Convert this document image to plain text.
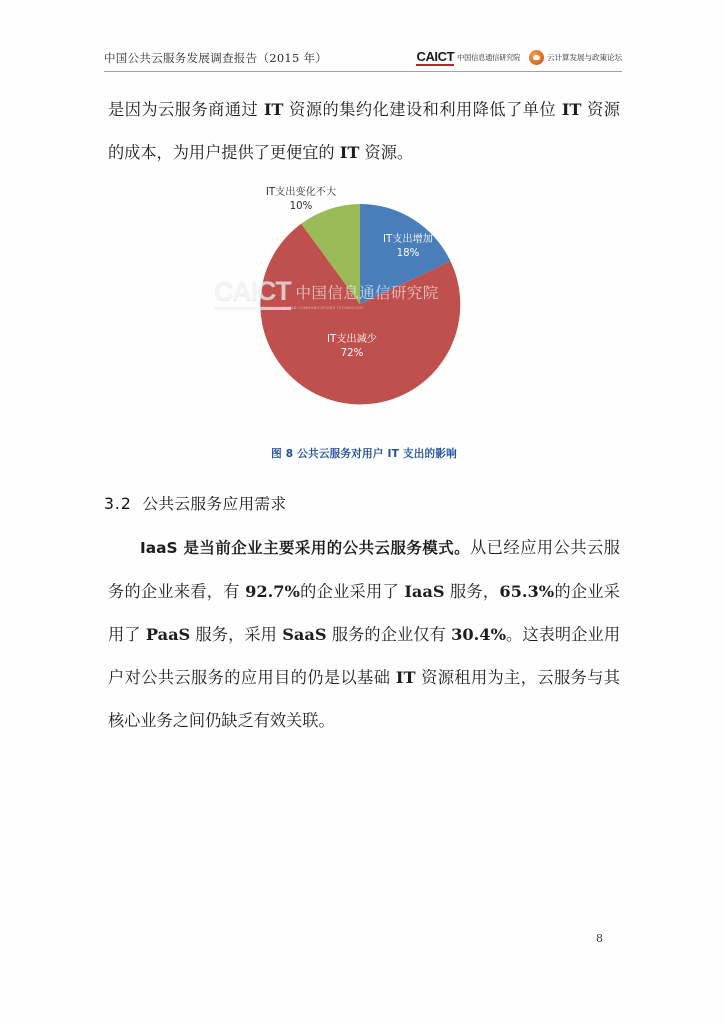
中国公共云服务发展调查报告（2015 年）	CAICT 中国信息通信研究院	云计算发展与政策论坛
是因为云服务商通过 IT 资源的集约化建设和利用降低了单位 IT 资源的成本，为用户提供了更便宜的 IT 资源。
IT支出变化不大
10%
IT支出增加
18%
IT支出减少
72%
CAICT 中国信息通信研究院
CHINA ACADEMY OF INFORMATION AND COMMUNICATIONS TECHNOLOGY
图 8 公共云服务对用户 IT 支出的影响
3.2 公共云服务应用需求
IaaS 是当前企业主要采用的公共云服务模式。从已经应用公共云服务的企业来看，有 92.7%的企业采用了 IaaS 服务，65.3%的企业采用了 PaaS 服务，采用 SaaS 服务的企业仅有 30.4%。这表明企业用户对公共云服务的应用目的仍是以基础 IT 资源租用为主，云服务与其核心业务之间仍缺乏有效关联。
8
